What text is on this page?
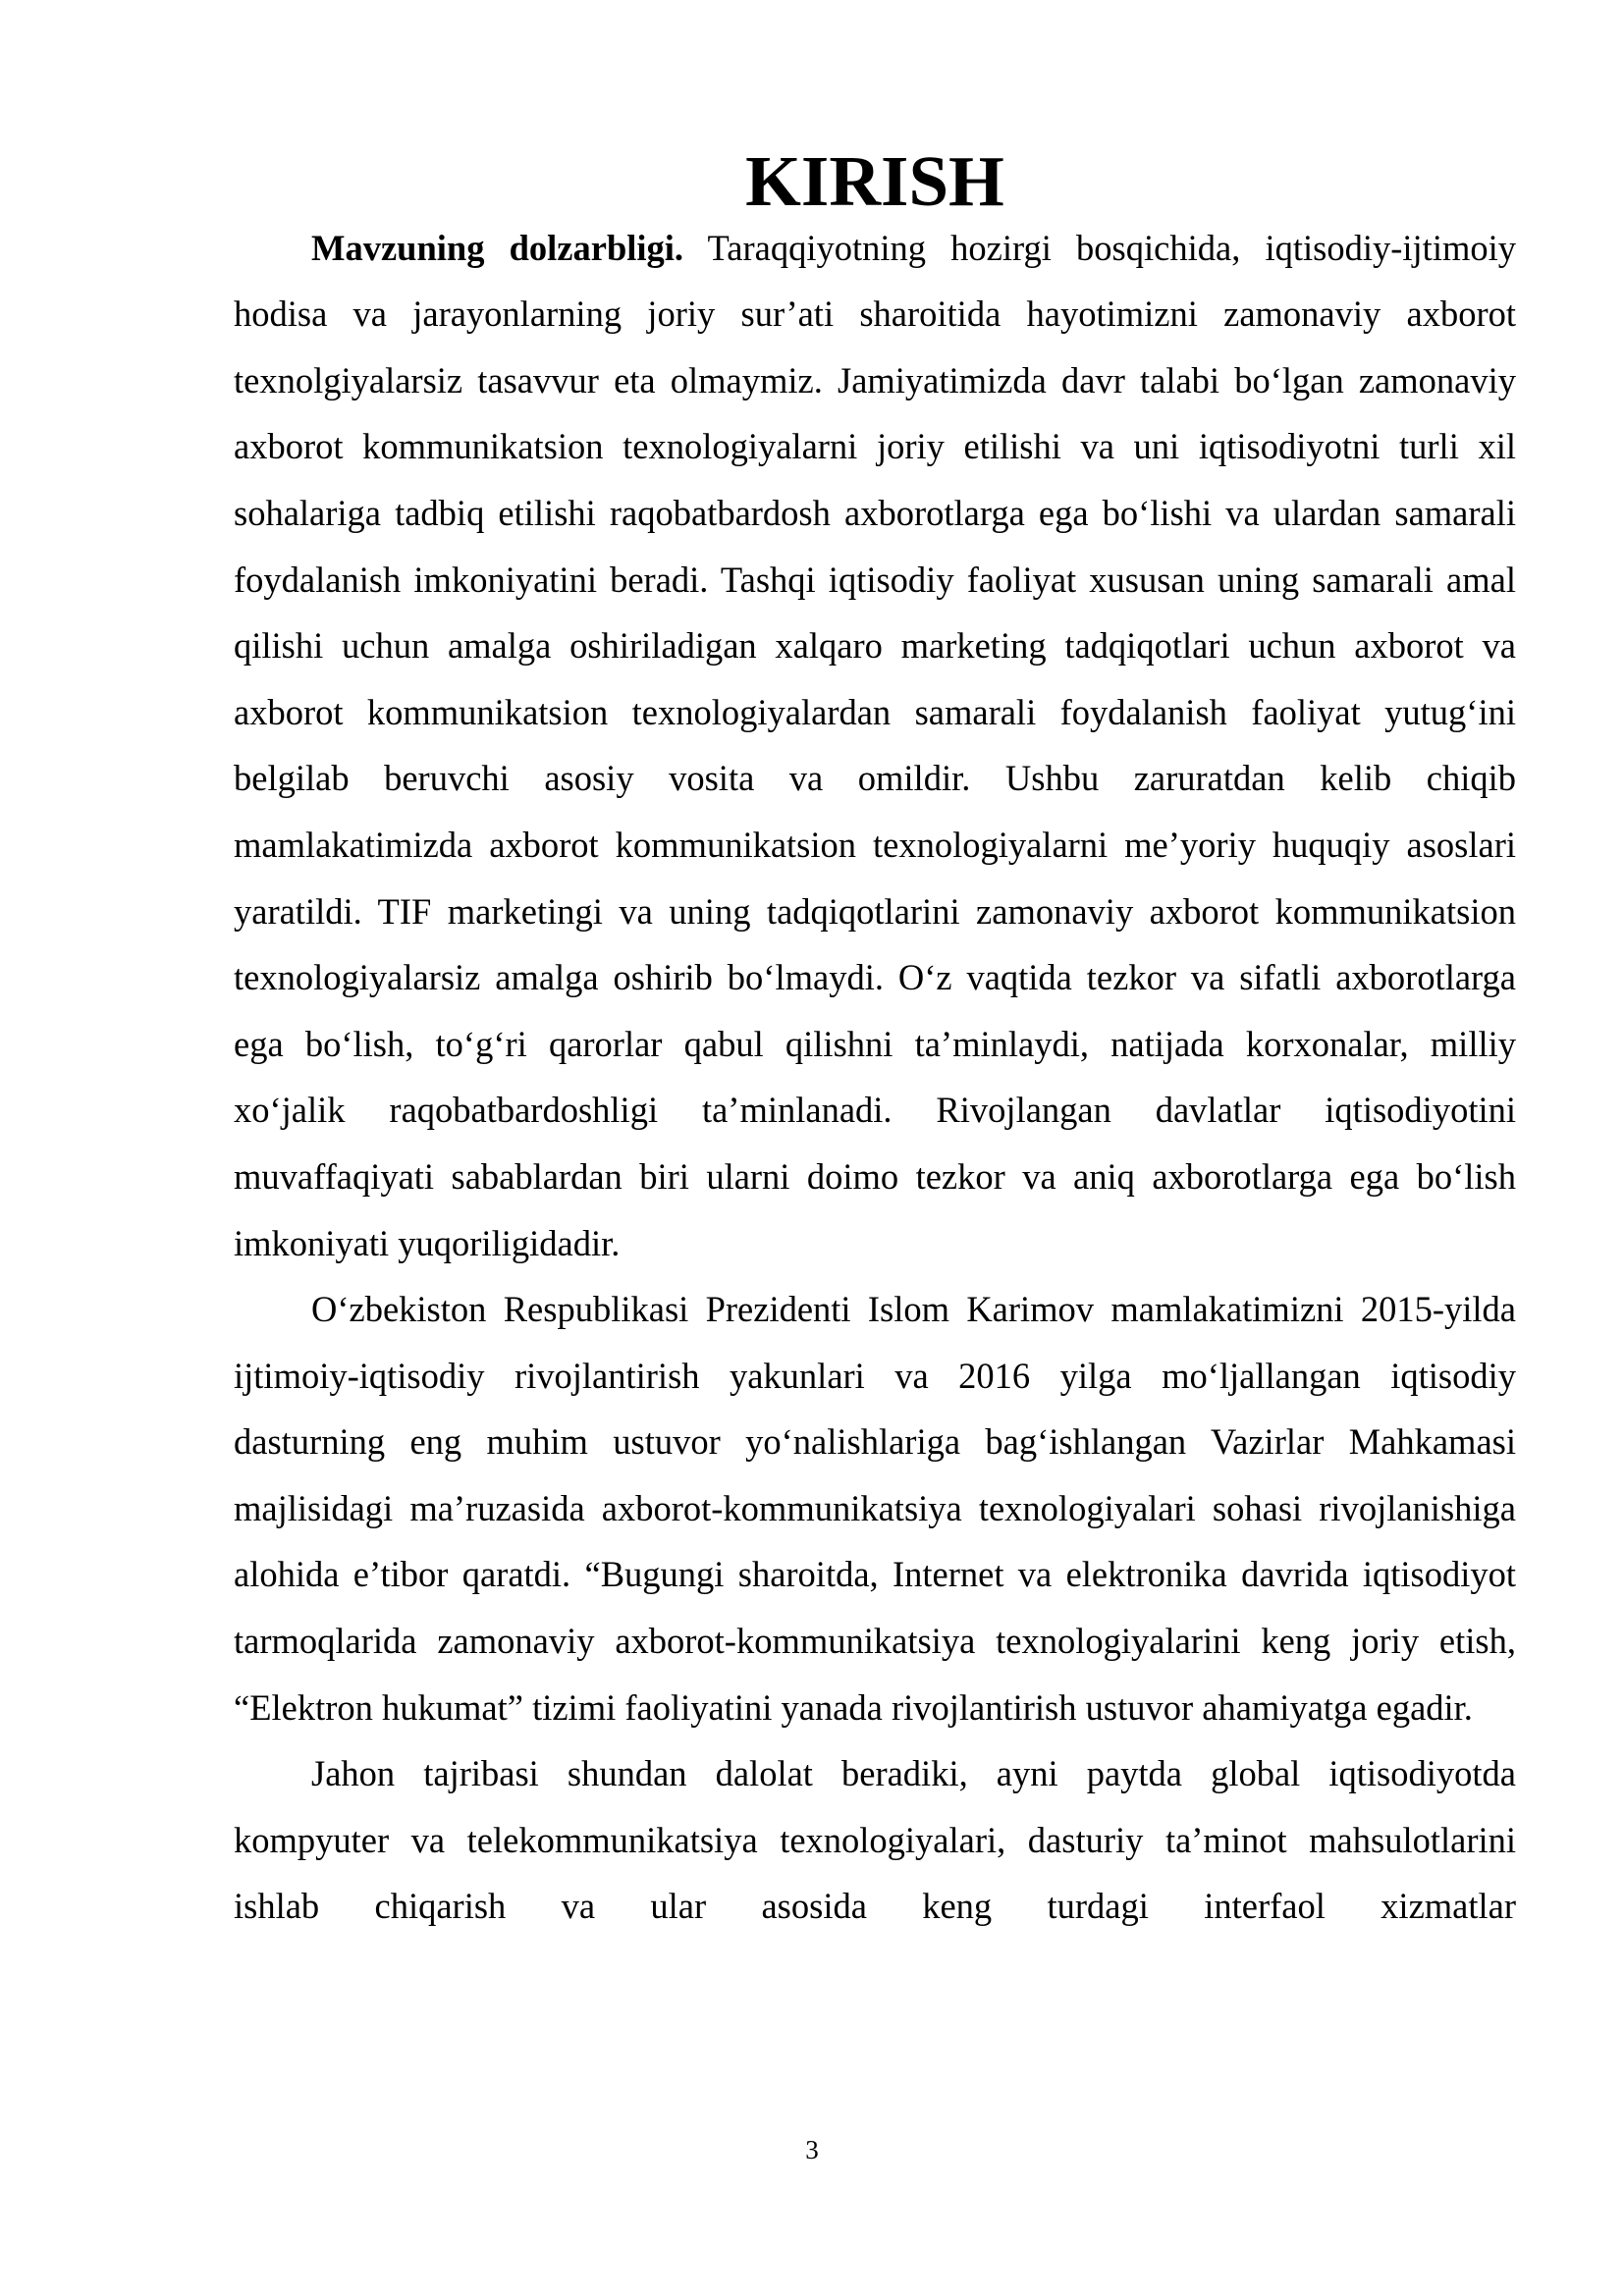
KIRISH

Mavzuning dolzarbligi. Taraqqiyotning hozirgi bosqichida, iqtisodiy-ijtimoiy hodisa va jarayonlarning joriy sur’ati sharoitida hayotimizni zamonaviy axborot texnolgiyalarsiz tasavvur eta olmaymiz. Jamiyatimizda davr talabi bo‘lgan zamonaviy axborot kommunikatsion texnologiyalarni joriy etilishi va uni iqtisodiyotni turli xil sohalariga tadbiq etilishi raqobatbardosh axborotlarga ega bo‘lishi va ulardan samarali foydalanish imkoniyatini beradi. Tashqi iqtisodiy faoliyat xususan uning samarali amal qilishi uchun amalga oshiriladigan xalqaro marketing tadqiqotlari uchun axborot va axborot kommunikatsion texnologiyalardan samarali foydalanish faoliyat yutug‘ini belgilab beruvchi asosiy vosita va omildir. Ushbu zaruratdan kelib chiqib mamlakatimizda axborot kommunikatsion texnologiyalarni me’yoriy huquqiy asoslari yaratildi. TIF marketingi va uning tadqiqotlarini zamonaviy axborot kommunikatsion texnologiyalarsiz amalga oshirib bo‘lmaydi. O‘z vaqtida tezkor va sifatli axborotlarga ega bo‘lish, to‘g‘ri qarorlar qabul qilishni ta’minlaydi, natijada korxonalar, milliy xo‘jalik raqobatbardoshligi ta’minlanadi. Rivojlangan davlatlar iqtisodiyotini muvaffaqiyati sabablardan biri ularni doimo tezkor va aniq axborotlarga ega bo‘lish imkoniyati yuqoriligidadir.

O‘zbekiston Respublikasi Prezidenti Islom Karimov mamlakatimizni 2015-yilda ijtimoiy-iqtisodiy rivojlantirish yakunlari va 2016 yilga mo‘ljallangan iqtisodiy dasturning eng muhim ustuvor yo‘nalishlariga bag‘ishlangan Vazirlar Mahkamasi majlisidagi ma’ruzasida axborot-kommunikatsiya texnologiyalari sohasi rivojlanishiga alohida e’tibor qaratdi. “Bugungi sharoitda, Internet va elektronika davrida iqtisodiyot tarmoqlarida zamonaviy axborot-kommunikatsiya texnologiyalarini keng joriy etish, “Elektron hukumat” tizimi faoliyatini yanada rivojlantirish ustuvor ahamiyatga egadir.

Jahon tajribasi shundan dalolat beradiki, ayni paytda global iqtisodiyotda kompyuter va telekommunikatsiya texnologiyalari, dasturiy ta’minot mahsulotlarini ishlab chiqarish va ular asosida keng turdagi interfaol xizmatlar

3
